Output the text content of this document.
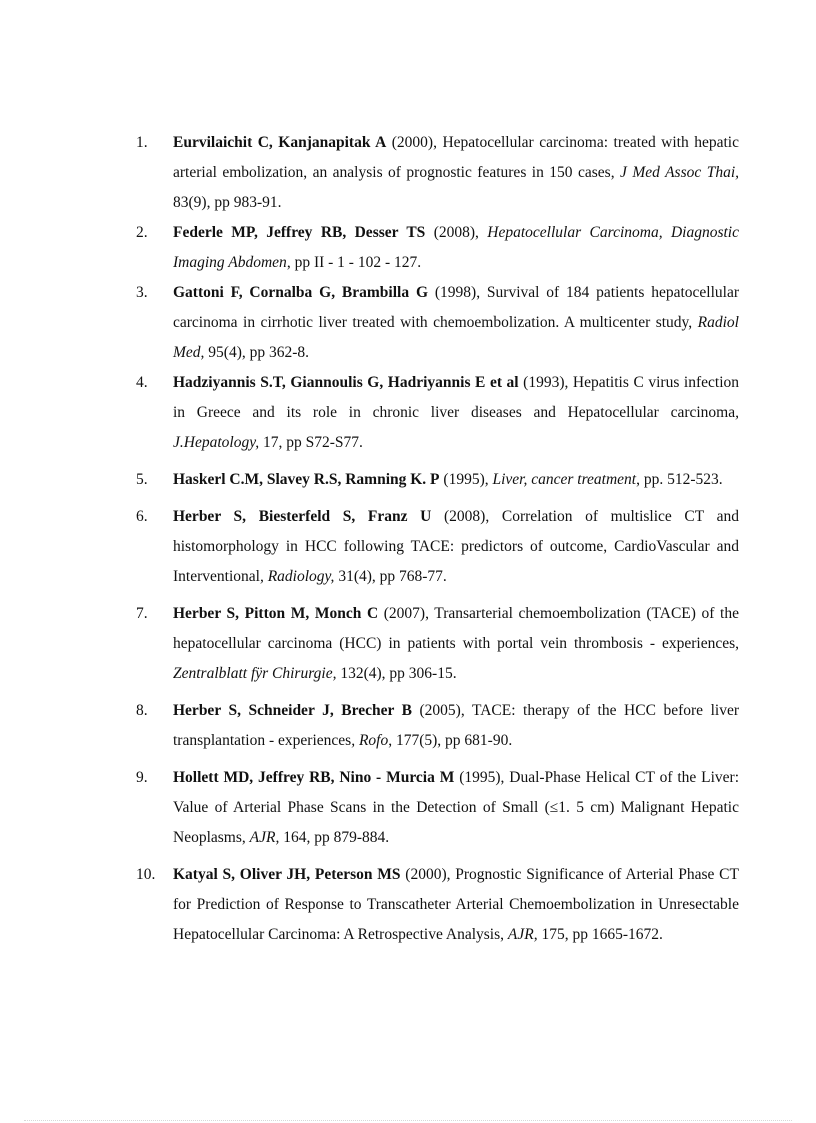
1. Eurvilaichit C, Kanjanapitak A (2000), Hepatocellular carcinoma: treated with hepatic arterial embolization, an analysis of prognostic features in 150 cases, J Med Assoc Thai, 83(9), pp 983-91.
2. Federle MP, Jeffrey RB, Desser TS (2008), Hepatocellular Carcinoma, Diagnostic Imaging Abdomen, pp II - 1 - 102 - 127.
3. Gattoni F, Cornalba G, Brambilla G (1998), Survival of 184 patients hepatocellular carcinoma in cirrhotic liver treated with chemoembolization. A multicenter study, Radiol Med, 95(4), pp 362-8.
4. Hadziyannis S.T, Giannoulis G, Hadriyannis E et al (1993), Hepatitis C virus infection in Greece and its role in chronic liver diseases and Hepatocellular carcinoma, J.Hepatology, 17, pp S72-S77.
5. Haskerl C.M, Slavey R.S, Ramning K. P (1995), Liver, cancer treatment, pp. 512-523.
6. Herber S, Biesterfeld S, Franz U (2008), Correlation of multislice CT and histomorphology in HCC following TACE: predictors of outcome, CardioVascular and Interventional, Radiology, 31(4), pp 768-77.
7. Herber S, Pitton M, Monch C (2007), Transarterial chemoembolization (TACE) of the hepatocellular carcinoma (HCC) in patients with portal vein thrombosis - experiences, Zentralblatt fÿr Chirurgie, 132(4), pp 306-15.
8. Herber S, Schneider J, Brecher B (2005), TACE: therapy of the HCC before liver transplantation - experiences, Rofo, 177(5), pp 681-90.
9. Hollett MD, Jeffrey RB, Nino - Murcia M (1995), Dual-Phase Helical CT of the Liver: Value of Arterial Phase Scans in the Detection of Small (≤1. 5 cm) Malignant Hepatic Neoplasms, AJR, 164, pp 879-884.
10. Katyal S, Oliver JH, Peterson MS (2000), Prognostic Significance of Arterial Phase CT for Prediction of Response to Transcatheter Arterial Chemoembolization in Unresectable Hepatocellular Carcinoma: A Retrospective Analysis, AJR, 175, pp 1665-1672.
